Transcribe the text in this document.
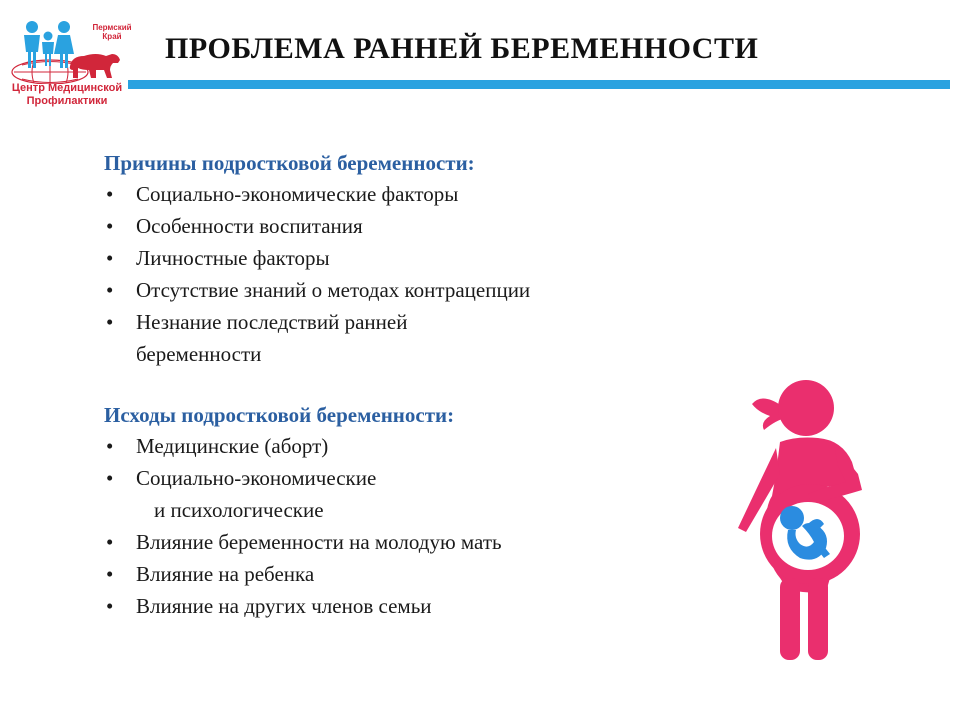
Пермский
Край
Центр Медицинской
Профилактики
ПРОБЛЕМА РАННЕЙ БЕРЕМЕННОСТИ
Причины подростковой беременности:
• Социально-экономические факторы
• Особенности воспитания
• Личностные факторы
• Отсутствие знаний о методах контрацепции
• Незнание последствий ранней
беременности
Исходы подростковой беременности:
• Медицинские (аборт)
• Социально-экономические
и психологические
• Влияние беременности на молодую мать
• Влияние на ребенка
• Влияние на других членов семьи
